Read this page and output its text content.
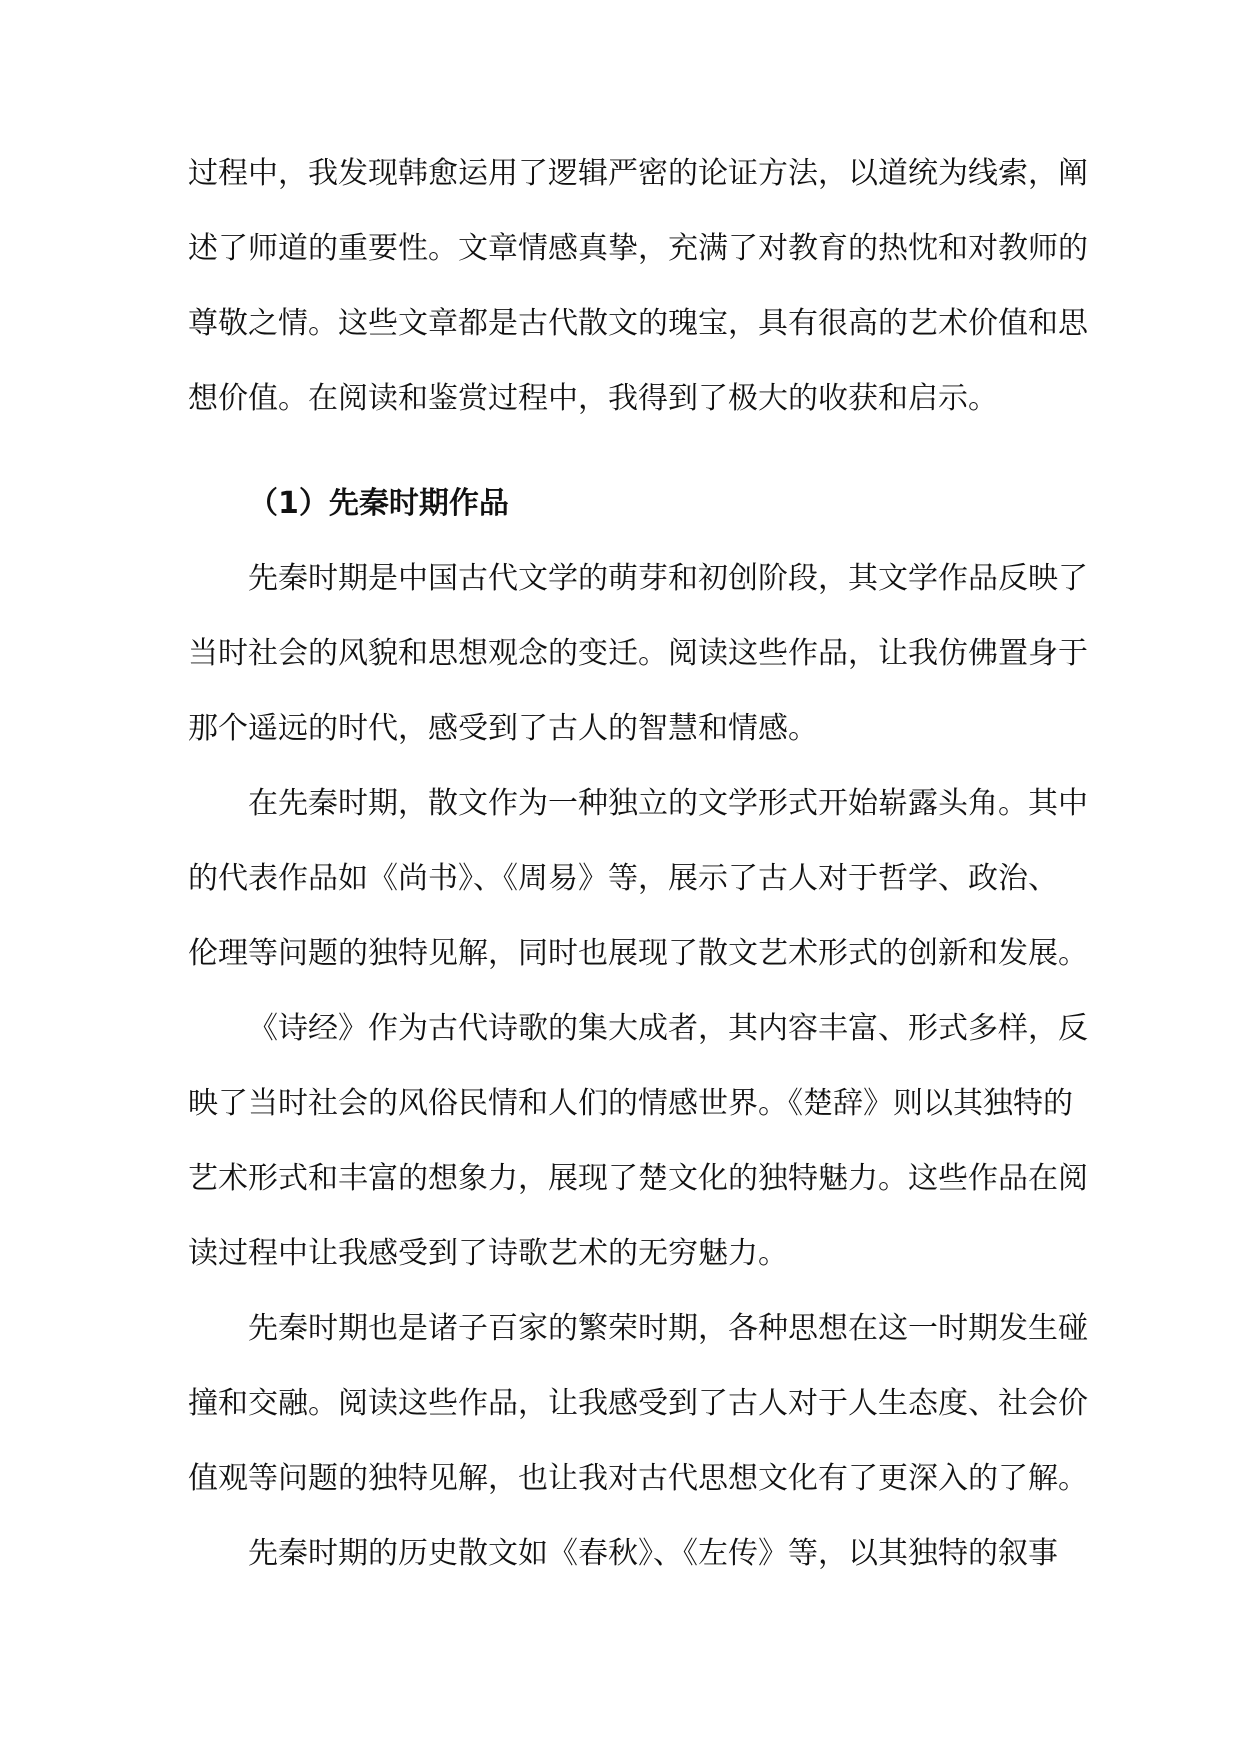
过程中，我发现韩愈运用了逻辑严密的论证方法，以道统为线索，阐
述了师道的重要性。文章情感真挚，充满了对教育的热忱和对教师的
尊敬之情。这些文章都是古代散文的瑰宝，具有很高的艺术价值和思
想价值。在阅读和鉴赏过程中，我得到了极大的收获和启示。
（1）先秦时期作品
先秦时期是中国古代文学的萌芽和初创阶段，其文学作品反映了
当时社会的风貌和思想观念的变迁。阅读这些作品，让我仿佛置身于
那个遥远的时代，感受到了古人的智慧和情感。
在先秦时期，散文作为一种独立的文学形式开始崭露头角。其中
的代表作品如《尚书》、《周易》等，展示了古人对于哲学、政治、
伦理等问题的独特见解，同时也展现了散文艺术形式的创新和发展。
《诗经》作为古代诗歌的集大成者，其内容丰富、形式多样，反
映了当时社会的风俗民情和人们的情感世界。《楚辞》则以其独特的
艺术形式和丰富的想象力，展现了楚文化的独特魅力。这些作品在阅
读过程中让我感受到了诗歌艺术的无穷魅力。
先秦时期也是诸子百家的繁荣时期，各种思想在这一时期发生碰
撞和交融。阅读这些作品，让我感受到了古人对于人生态度、社会价
值观等问题的独特见解，也让我对古代思想文化有了更深入的了解。
先秦时期的历史散文如《春秋》、《左传》等，以其独特的叙事
